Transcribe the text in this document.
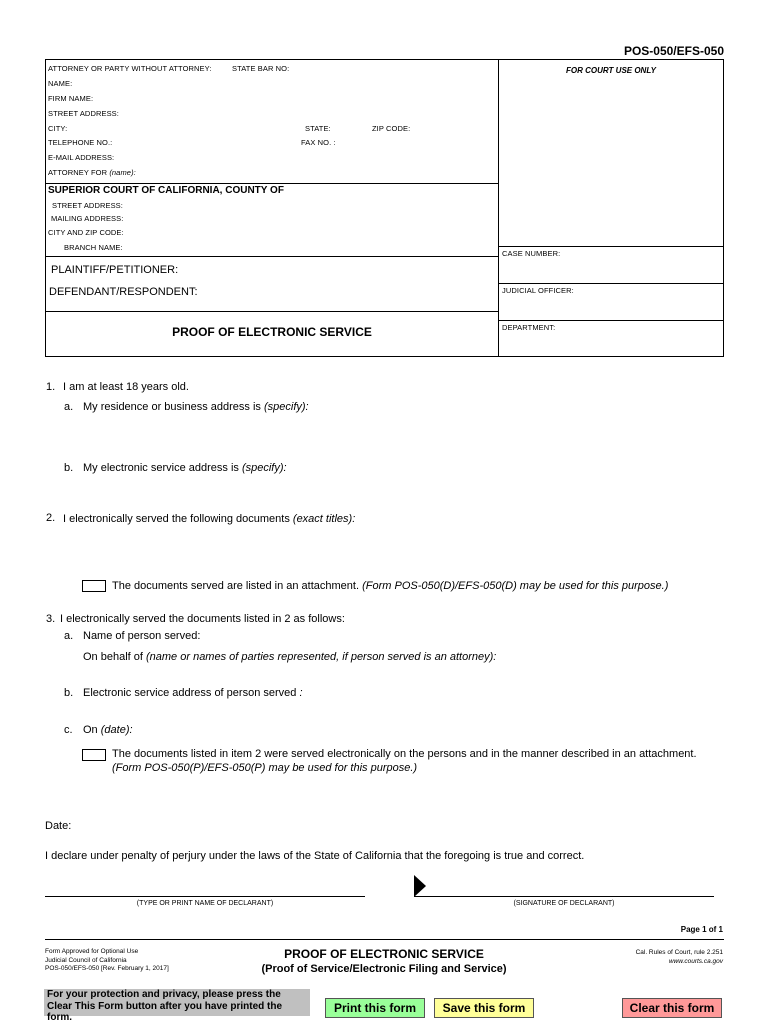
POS-050/EFS-050
ATTORNEY OR PARTY WITHOUT ATTORNEY:	STATE BAR NO:
NAME:
FIRM NAME:
STREET ADDRESS:
CITY:	STATE:	ZIP CODE:
TELEPHONE NO.:	FAX NO. :
E-MAIL ADDRESS:
ATTORNEY FOR (name):
SUPERIOR COURT OF CALIFORNIA, COUNTY OF
STREET ADDRESS:
MAILING ADDRESS:
CITY AND ZIP CODE:
BRANCH NAME:
PLAINTIFF/PETITIONER:
DEFENDANT/RESPONDENT:
PROOF OF ELECTRONIC SERVICE
FOR COURT USE ONLY
CASE NUMBER:
JUDICIAL OFFICER:
DEPARTMENT:
1. I am at least 18 years old.
a. My residence or business address is (specify):
b. My electronic service address is (specify):
2. I electronically served the following documents (exact titles):
The documents served are listed in an attachment. (Form POS-050(D)/EFS-050(D) may be used for this purpose.)
3. I electronically served the documents listed in 2 as follows:
a. Name of person served:
On behalf of (name or names of parties represented, if person served is an attorney):
b. Electronic service address of person served :
c. On (date):
The documents listed in item 2 were served electronically on the persons and in the manner described in an attachment.
(Form POS-050(P)/EFS-050(P) may be used for this purpose.)
Date:
I declare under penalty of perjury under the laws of the State of California that the foregoing is true and correct.
(TYPE OR PRINT NAME OF DECLARANT)	(SIGNATURE OF DECLARANT)
Page 1 of 1
Form Approved for Optional Use
Judicial Council of California
POS-050/EFS-050 [Rev. February 1, 2017]
PROOF OF ELECTRONIC SERVICE
(Proof of Service/Electronic Filing and Service)
Cal. Rules of Court, rule 2.251
www.courts.ca.gov
For your protection and privacy, please press the Clear This Form button after you have printed the form.
Print this form	Save this form	Clear this form
